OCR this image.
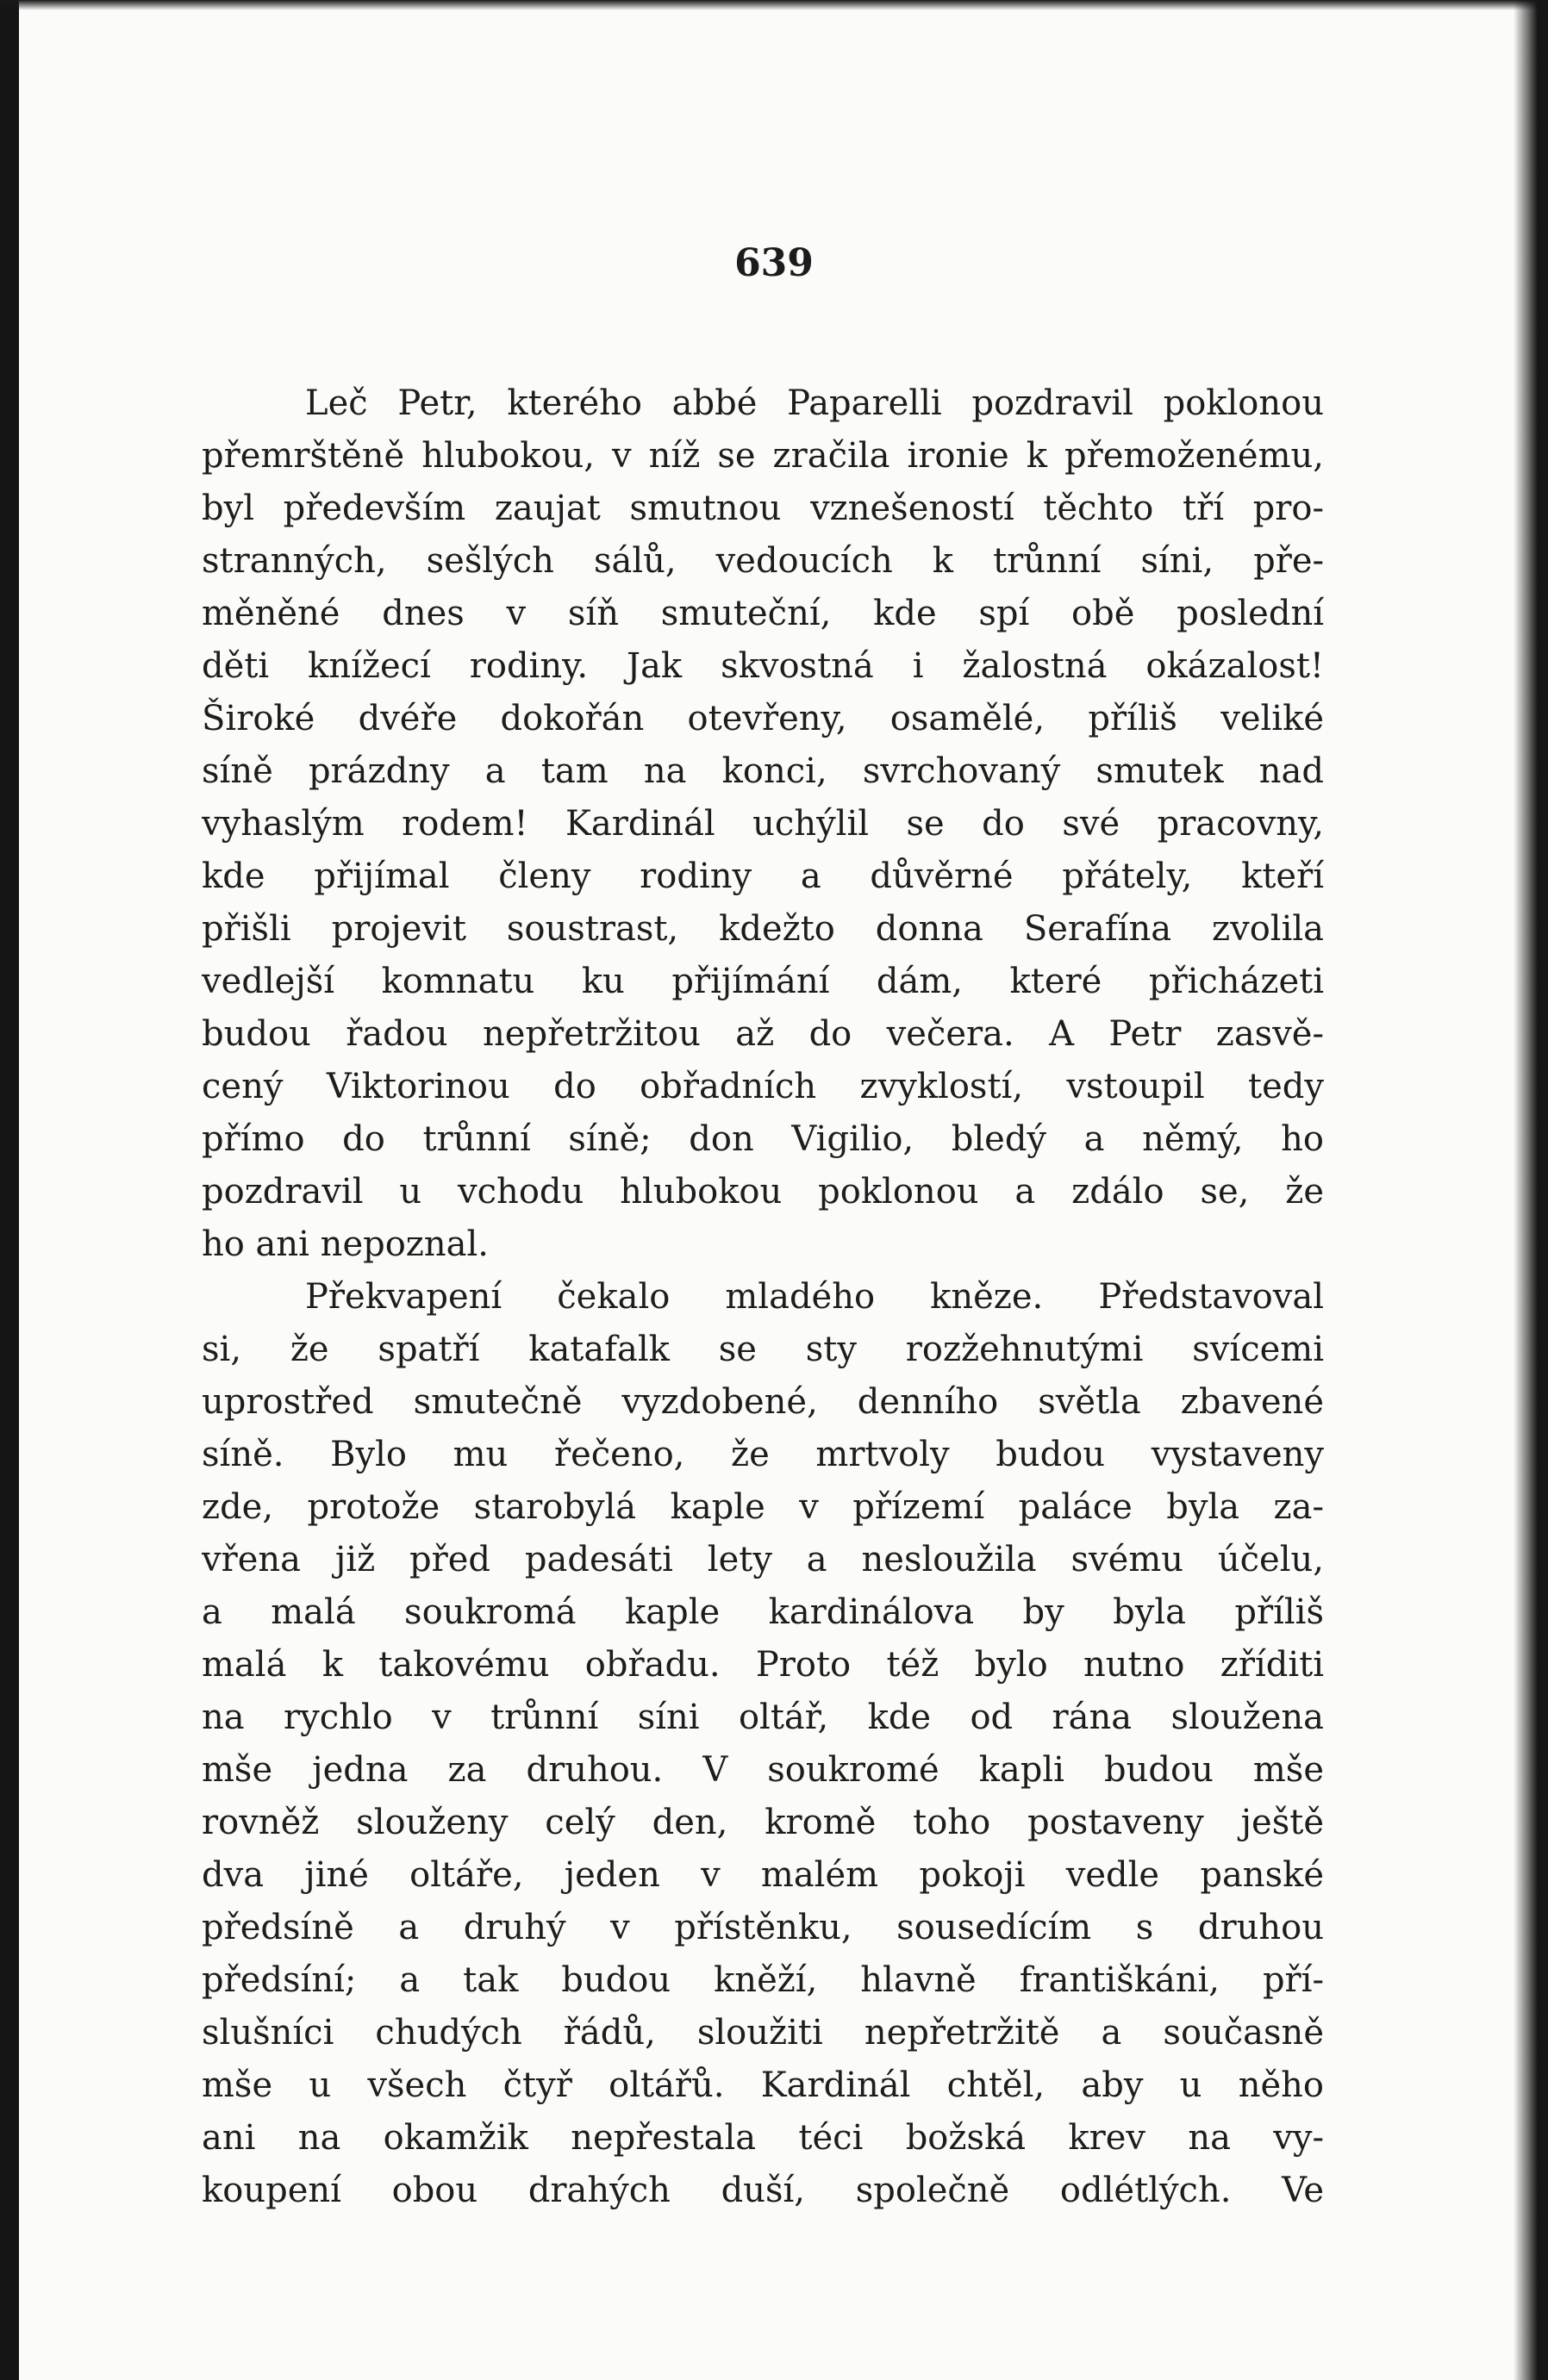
639
Leč Petr, kterého abbé Paparelli pozdravil poklonou
přemrštěně hlubokou, v níž se zračila ironie k přemoženému,
byl především zaujat smutnou vznešeností těchto tří pro-
stranných, sešlých sálů, vedoucích k trůnní síni, pře-
měněné dnes v síň smuteční, kde spí obě poslední
děti knížecí rodiny. Jak skvostná i žalostná okázalost!
Široké dvéře dokořán otevřeny, osamělé, příliš veliké
síně prázdny a tam na konci, svrchovaný smutek nad
vyhaslým rodem! Kardinál uchýlil se do své pracovny,
kde přijímal členy rodiny a důvěrné přátely, kteří
přišli projevit soustrast, kdežto donna Serafína zvolila
vedlejší komnatu ku přijímání dám, které přicházeti
budou řadou nepřetržitou až do večera. A Petr zasvě-
cený Viktorinou do obřadních zvyklostí, vstoupil tedy
přímo do trůnní síně; don Vigilio, bledý a němý, ho
pozdravil u vchodu hlubokou poklonou a zdálo se, že
ho ani nepoznal.
Překvapení čekalo mladého kněze. Představoval
si, že spatří katafalk se sty rozžehnutými svícemi
uprostřed smutečně vyzdobené, denního světla zbavené
síně. Bylo mu řečeno, že mrtvoly budou vystaveny
zde, protože starobylá kaple v přízemí paláce byla za-
vřena již před padesáti lety a nesloužila svému účelu,
a malá soukromá kaple kardinálova by byla příliš
malá k takovému obřadu. Proto též bylo nutno zříditi
na rychlo v trůnní síni oltář, kde od rána sloužena
mše jedna za druhou. V soukromé kapli budou mše
rovněž slouženy celý den, kromě toho postaveny ještě
dva jiné oltáře, jeden v malém pokoji vedle panské
předsíně a druhý v přístěnku, sousedícím s druhou
předsíní; a tak budou kněží, hlavně františkáni, pří-
slušníci chudých řádů, sloužiti nepřetržitě a současně
mše u všech čtyř oltářů. Kardinál chtěl, aby u něho
ani na okamžik nepřestala téci božská krev na vy-
koupení obou drahých duší, společně odlétlých. Ve
